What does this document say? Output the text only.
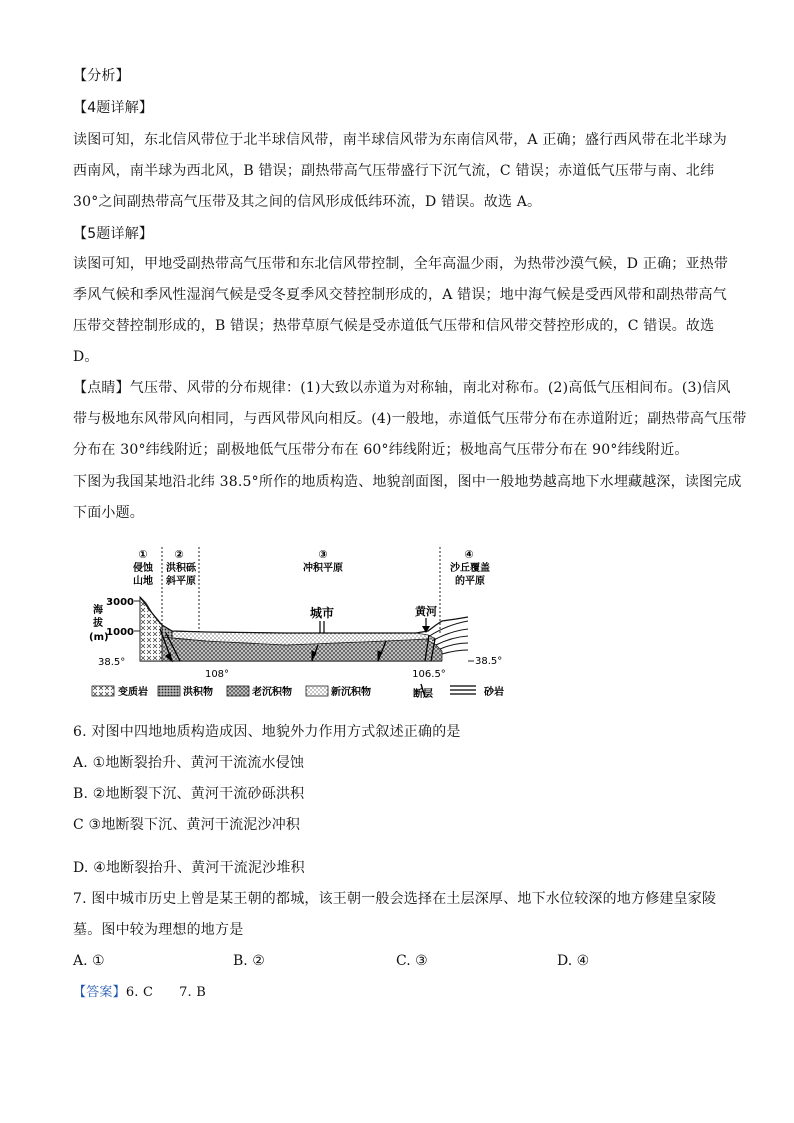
【分析】
【4题详解】
读图可知，东北信风带位于北半球信风带，南半球信风带为东南信风带，A 正确；盛行西风带在北半球为
西南风，南半球为西北风，B 错误；副热带高气压带盛行下沉气流，C 错误；赤道低气压带与南、北纬
30°之间副热带高气压带及其之间的信风形成低纬环流，D 错误。故选 A。
【5题详解】
读图可知，甲地受副热带高气压带和东北信风带控制，全年高温少雨，为热带沙漠气候，D 正确；亚热带
季风气候和季风性湿润气候是受冬夏季风交替控制形成的，A 错误；地中海气候是受西风带和副热带高气
压带交替控制形成的，B 错误；热带草原气候是受赤道低气压带和信风带交替控形成的，C 错误。故选
D。
【点睛】气压带、风带的分布规律：(1)大致以赤道为对称轴，南北对称布。(2)高低气压相间布。(3)信风
带与极地东风带风向相同，与西风带风向相反。(4)一般地，赤道低气压带分布在赤道附近；副热带高气压带
分布在 30°纬线附近；副极地低气压带分布在 60°纬线附近；极地高气压带分布在 90°纬线附近。
下图为我国某地沿北纬 38.5°所作的地质构造、地貌剖面图，图中一般地势越高地下水埋藏越深，读图完成
下面小题。
①
侵蚀
山地
②
洪积砾
斜平原
③
冲积平原
④
沙丘覆盖
的平原
海
拔
(m)
3000
1000
城市	黄河
38.5°	38.5°
108°	106.5°
变质岩	洪积物	老沉积物	新沉积物	断层	砂岩
6. 对图中四地地质构造成因、地貌外力作用方式叙述正确的是
A. ①地断裂抬升、黄河干流流水侵蚀
B. ②地断裂下沉、黄河干流砂砾洪积
C ③地断裂下沉、黄河干流泥沙冲积
D. ④地断裂抬升、黄河干流泥沙堆积
7. 图中城市历史上曾是某王朝的都城，该王朝一般会选择在土层深厚、地下水位较深的地方修建皇家陵
墓。图中较为理想的地方是
A. ①	B. ②	C. ③	D. ④
【答案】6. C      7. B
